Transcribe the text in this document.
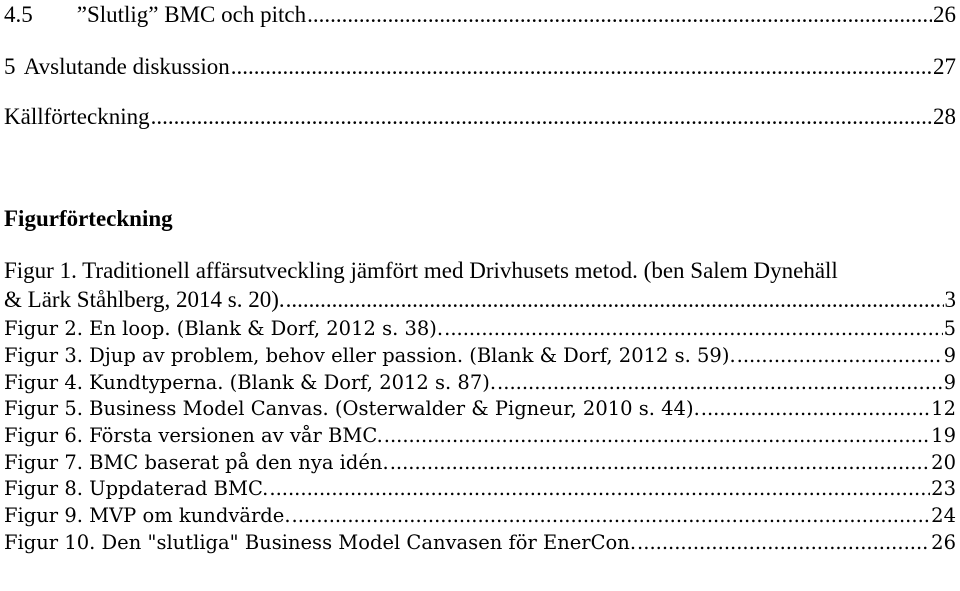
4.5 ”Slutlig” BMC och pitch .....	26
5 Avslutande diskussion .....	27
Källförteckning .....	28
Figurförteckning
Figur 1. Traditionell affärsutveckling jämfört med Drivhusets metod. (ben Salem Dynehäll
& Lärk Ståhlberg, 2014 s. 20). .....	3
Figur 2. En loop. (Blank & Dorf, 2012 s. 38). .....	5
Figur 3. Djup av problem, behov eller passion. (Blank & Dorf, 2012 s. 59). .....	9
Figur 4. Kundtyperna. (Blank & Dorf, 2012 s. 87). .....	9
Figur 5. Business Model Canvas. (Osterwalder & Pigneur, 2010 s. 44). .....	12
Figur 6. Första versionen av vår BMC. .....	19
Figur 7. BMC baserat på den nya idén. .....	20
Figur 8. Uppdaterad BMC. .....	23
Figur 9. MVP om kundvärde. .....	24
Figur 10. Den "slutliga" Business Model Canvasen för EnerCon. .....	26
